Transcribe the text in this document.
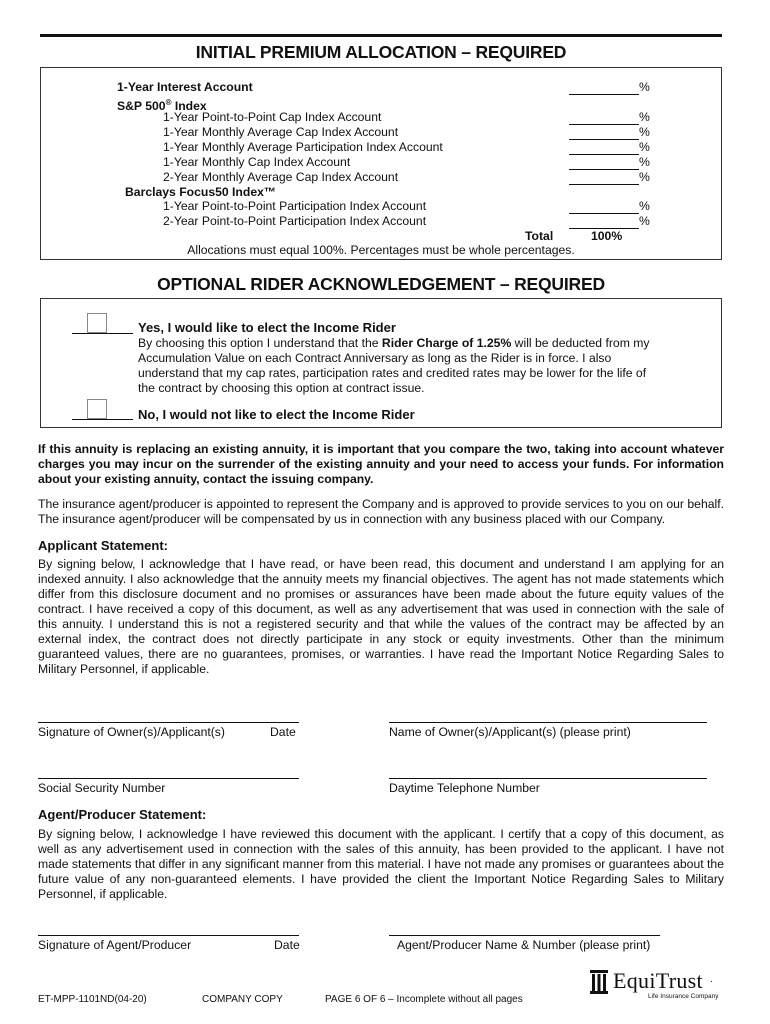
INITIAL PREMIUM ALLOCATION – REQUIRED
1-Year Interest Account	%
S&P 500® Index
1-Year Point-to-Point Cap Index Account	%
1-Year Monthly Average Cap Index Account	%
1-Year Monthly Average Participation Index Account	%
1-Year Monthly Cap Index Account	%
2-Year Monthly Average Cap Index Account	%
Barclays Focus50 Index™
1-Year Point-to-Point Participation Index Account	%
2-Year Point-to-Point Participation Index Account	%
Total	100%
Allocations must equal 100%. Percentages must be whole percentages.
OPTIONAL RIDER ACKNOWLEDGEMENT – REQUIRED
Yes, I would like to elect the Income Rider
By choosing this option I understand that the Rider Charge of 1.25% will be deducted from my Accumulation Value on each Contract Anniversary as long as the Rider is in force. I also understand that my cap rates, participation rates and credited rates may be lower for the life of the contract by choosing this option at contract issue.
No, I would not like to elect the Income Rider
If this annuity is replacing an existing annuity, it is important that you compare the two, taking into account whatever charges you may incur on the surrender of the existing annuity and your need to access your funds. For information about your existing annuity, contact the issuing company.
The insurance agent/producer is appointed to represent the Company and is approved to provide services to you on our behalf. The insurance agent/producer will be compensated by us in connection with any business placed with our Company.
Applicant Statement:
By signing below, I acknowledge that I have read, or have been read, this document and understand I am applying for an indexed annuity. I also acknowledge that the annuity meets my financial objectives. The agent has not made statements which differ from this disclosure document and no promises or assurances have been made about the future equity values of the contract. I have received a copy of this document, as well as any advertisement that was used in connection with the sale of this annuity. I understand this is not a registered security and that while the values of the contract may be affected by an external index, the contract does not directly participate in any stock or equity investments. Other than the minimum guaranteed values, there are no guarantees, promises, or warranties. I have read the Important Notice Regarding Sales to Military Personnel, if applicable.
Signature of Owner(s)/Applicant(s)	Date	Name of Owner(s)/Applicant(s) (please print)
Social Security Number	Daytime Telephone Number
Agent/Producer Statement:
By signing below, I acknowledge I have reviewed this document with the applicant. I certify that a copy of this document, as well as any advertisement used in connection with the sales of this annuity, has been provided to the applicant. I have not made statements that differ in any significant manner from this material. I have not made any promises or guarantees about the future value of any non-guaranteed elements. I have provided the client the Important Notice Regarding Sales to Military Personnel, if applicable.
Signature of Agent/Producer	Date	Agent/Producer Name & Number (please print)
ET-MPP-1101ND(04-20)	COMPANY COPY	PAGE 6 OF 6 – Incomplete without all pages
EquiTrust .
Life Insurance Company
